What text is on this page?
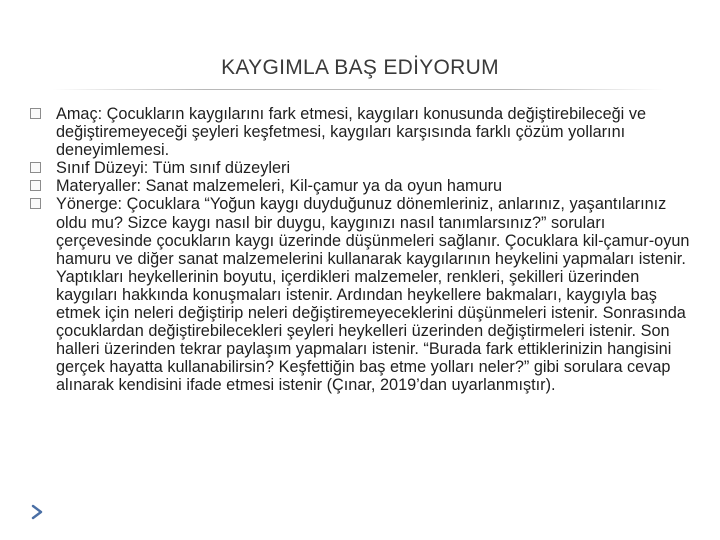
KAYGIMLA BAŞ EDİYORUM
Amaç: Çocukların kaygılarını fark etmesi, kaygıları konusunda değiştirebileceği ve değiştiremeyeceği şeyleri keşfetmesi, kaygıları karşısında farklı çözüm yollarını deneyimlemesi.
Sınıf Düzeyi: Tüm sınıf düzeyleri
Materyaller: Sanat malzemeleri, Kil-çamur ya da oyun hamuru
Yönerge: Çocuklara “Yoğun kaygı duyduğunuz dönemleriniz, anlarınız, yaşantılarınız oldu mu? Sizce kaygı nasıl bir duygu, kaygınızı nasıl tanımlarsınız?” soruları çerçevesinde çocukların kaygı üzerinde düşünmeleri sağlanır. Çocuklara kil-çamur-oyun hamuru ve diğer sanat malzemelerini kullanarak kaygılarının heykelini yapmaları istenir. Yaptıkları heykellerinin boyutu, içerdikleri malzemeler, renkleri, şekilleri üzerinden kaygıları hakkında konuşmaları istenir. Ardından heykellere bakmaları, kaygıyla baş etmek için neleri değiştirip neleri değiştiremeyeceklerini düşünmeleri istenir. Sonrasında çocuklardan değiştirebilecekleri şeyleri heykelleri üzerinden değiştirmeleri istenir. Son halleri üzerinden tekrar paylaşım yapmaları istenir. “Burada fark ettiklerinizin hangisini gerçek hayatta kullanabilirsin? Keşfettiğin baş etme yolları neler?” gibi sorulara cevap alınarak kendisini ifade etmesi istenir (Çınar, 2019’dan uyarlanmıştır).
